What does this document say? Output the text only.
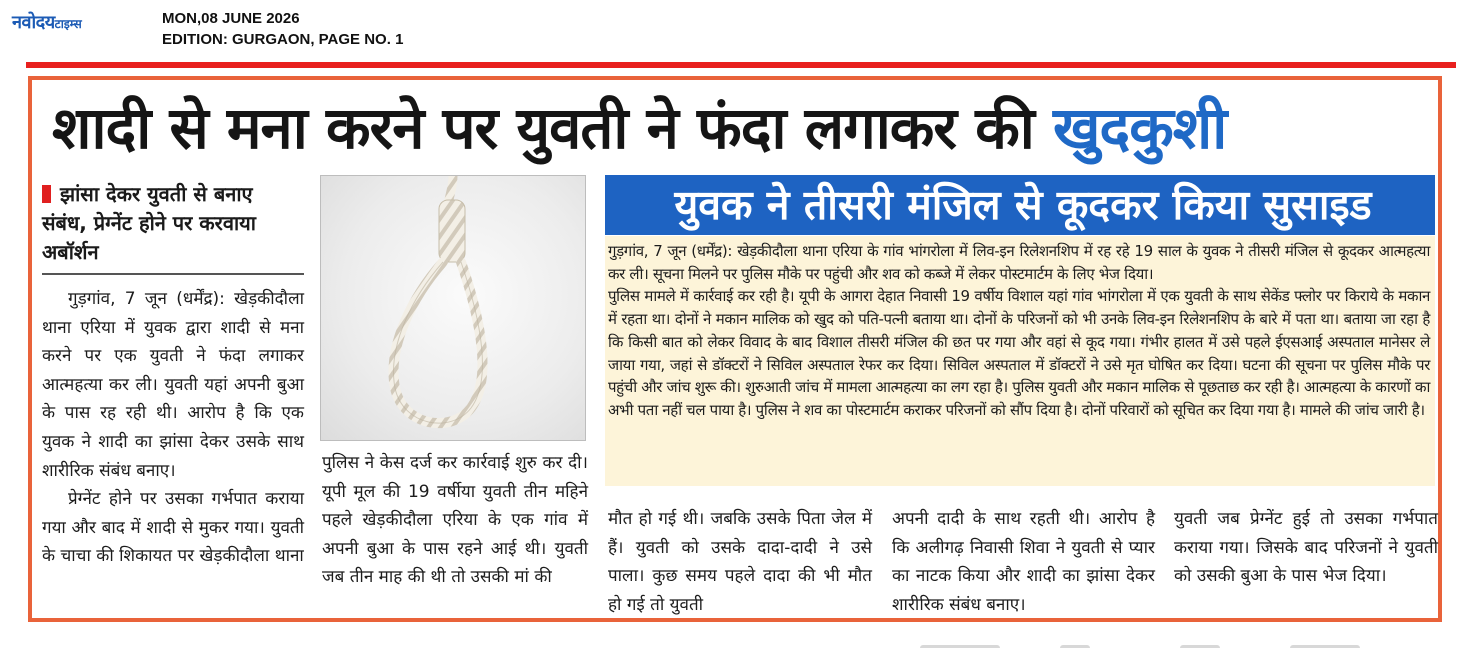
नवोदयटाइम्स	MON,08 JUNE 2026
EDITION: GURGAON, PAGE NO. 1
शादी से मना करने पर युवती ने फंदा लगाकर की खुदकुशी
झांसा देकर युवती से बनाए संबंध, प्रेग्नेंट होने पर करवाया अबॉर्शन

गुड़गांव, 7 जून (धर्मेंद्र): खेड़कीदौला थाना एरिया में युवक द्वारा शादी से मना करने पर एक युवती ने फंदा लगाकर आत्महत्या कर ली। युवती यहां अपनी बुआ के पास रह रही थी। आरोप है कि एक युवक ने शादी का झांसा देकर उसके साथ शारीरिक संबंध बनाए।

प्रेग्नेंट होने पर उसका गर्भपात कराया गया और बाद में शादी से मुकर गया। युवती के चाचा की शिकायत पर खेड़कीदौला थाना

पुलिस ने केस दर्ज कर कार्रवाई शुरु कर दी। यूपी मूल की 19 वर्षीया युवती तीन महिने पहले खेड़कीदौला एरिया के एक गांव में अपनी बुआ के पास रहने आई थी। युवती जब तीन माह की थी तो उसकी मां की

युवक ने तीसरी मंजिल से कूदकर किया सुसाइड

गुड़गांव, 7 जून (धर्मेंद्र): खेड़कीदौला थाना एरिया के गांव भांगरोला में लिव-इन रिलेशनशिप में रह रहे 19 साल के युवक ने तीसरी मंजिल से कूदकर आत्महत्या कर ली। सूचना मिलने पर पुलिस मौके पर पहुंची और शव को कब्जे में लेकर पोस्टमार्टम के लिए भेज दिया।

पुलिस मामले में कार्रवाई कर रही है। यूपी के आगरा देहात निवासी 19 वर्षीय विशाल यहां गांव भांगरोला में एक युवती के साथ सेकेंड फ्लोर पर किराये के मकान में रहता था। दोनों ने मकान मालिक को खुद को पति-पत्नी बताया था। दोनों के परिजनों को भी उनके लिव-इन रिलेशनशिप के बारे में पता था। बताया जा रहा है कि किसी बात को लेकर विवाद के बाद विशाल तीसरी मंजिल की छत पर गया और वहां से कूद गया। गंभीर हालत में उसे पहले ईएसआई अस्पताल मानेसर ले जाया गया, जहां से डॉक्टरों ने सिविल अस्पताल रेफर कर दिया। सिविल अस्पताल में डॉक्टरों ने उसे मृत घोषित कर दिया। घटना की सूचना पर पुलिस मौके पर पहुंची और जांच शुरू की। शुरुआती जांच में मामला आत्महत्या का लग रहा है। पुलिस युवती और मकान मालिक से पूछताछ कर रही है। आत्महत्या के कारणों का अभी पता नहीं चल पाया है। पुलिस ने शव का पोस्टमार्टम कराकर परिजनों को सौंप दिया है। दोनों परिवारों को सूचित कर दिया गया है। मामले की जांच जारी है।

मौत हो गई थी। जबकि उसके पिता जेल में हैं। युवती को उसके दादा-दादी ने उसे पाला। कुछ समय पहले दादा की भी मौत हो गई तो युवती

अपनी दादी के साथ रहती थी। आरोप है कि अलीगढ़ निवासी शिवा ने युवती से प्यार का नाटक किया और शादी का झांसा देकर शारीरिक संबंध बनाए।

युवती जब प्रेग्नेंट हुई तो उसका गर्भपात कराया गया। जिसके बाद परिजनों ने युवती को उसकी बुआ के पास भेज दिया।
